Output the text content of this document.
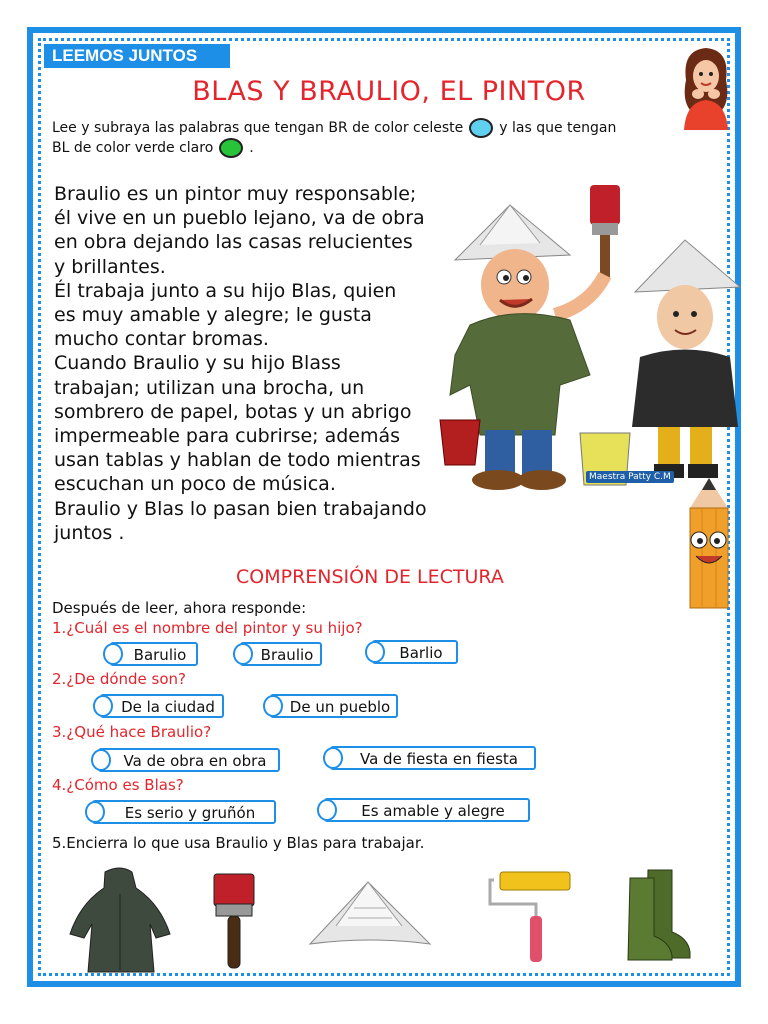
LEEMOS JUNTOS
BLAS Y BRAULIO, EL PINTOR
Lee y subraya las palabras que tengan BR de color celeste	y las que tengan
BL de color verde claro	.

Braulio es un pintor muy responsable;

él vive en un pueblo lejano, va de obra

en obra dejando las casas relucientes

y brillantes.

Él trabaja junto a su hijo Blas, quien

es muy amable y alegre; le gusta

mucho contar bromas.

Cuando Braulio y su hijo Blass

trabajan; utilizan una brocha, un

sombrero de papel, botas y un abrigo

impermeable para cubrirse; además

usan tablas y hablan de todo mientras

escuchan un poco de música.

Braulio y Blas lo pasan bien trabajando

juntos .

Maestra Patty C.M
COMPRENSIÓN DE LECTURA
Después de leer, ahora responde:
1.¿Cuál es el nombre del pintor y su hijo?
Barulio	Braulio	Barlio
2.¿De dónde son?
De la ciudad	De un pueblo
3.¿Qué hace Braulio?
Va de obra en obra	Va de fiesta en fiesta
4.¿Cómo es Blas?
Es serio y gruñón	Es amable y alegre
5.Encierra lo que usa Braulio y Blas para trabajar.
